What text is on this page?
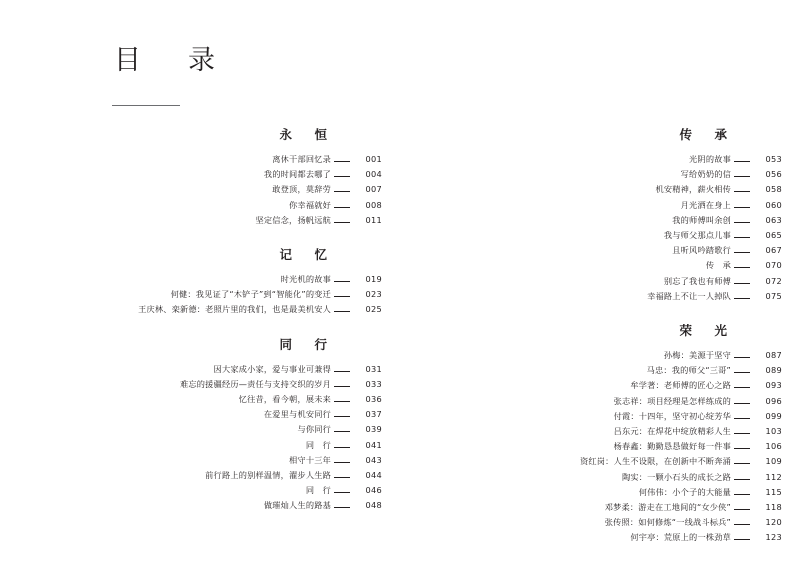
目　录
永　恒
离休干部回忆录	001
我的时间都去哪了	004
敢登顶，莫辞劳	007
你幸福就好	008
坚定信念，扬帆远航	011
记　忆
时光机的故事	019
何健：我见证了“木铲子”到“智能化”的变迁	023
王庆林、栾新德：老照片里的我们，也是最美机安人	025
同　行
因大家成小家，爱与事业可兼得	031
难忘的援疆经历—责任与支持交织的岁月	033
忆往昔，看今朝，展未来	036
在爱里与机安同行	037
与你同行	039
同　行	041
相守十三年	043
前行路上的别样温情，濯步人生路	044
同　行	046
做璀灿人生的路基	048
传　承
光阴的故事	053
写给奶奶的信	056
机安精神，薪火相传	058
月光洒在身上	060
我的师傅叫余创	063
我与师父那点儿事	065
且听风吟踏歌行	067
传　承	070
别忘了我也有师傅	072
幸福路上不让一人掉队	075
荣　光
孙梅：美源于坚守	087
马忠：我的师父“三哥”	089
牟学著：老师傅的匠心之路	093
张志祥：项目经理是怎样练成的	096
付霞：十四年，坚守初心绽芳华	099
吕东元：在焊花中绽放精彩人生	103
杨春鑫：勤勤恳恳做好每一件事	106
资红岗：人生不设限，在创新中不断奔涌	109
陶实：一颗小石头的成长之路	112
何伟伟：小个子的大能量	115
邓梦柔：游走在工地间的“女少侠”	118
张传照：如何修炼“一线战斗标兵”	120
何宇亭：荒原上的一株劲草	123
